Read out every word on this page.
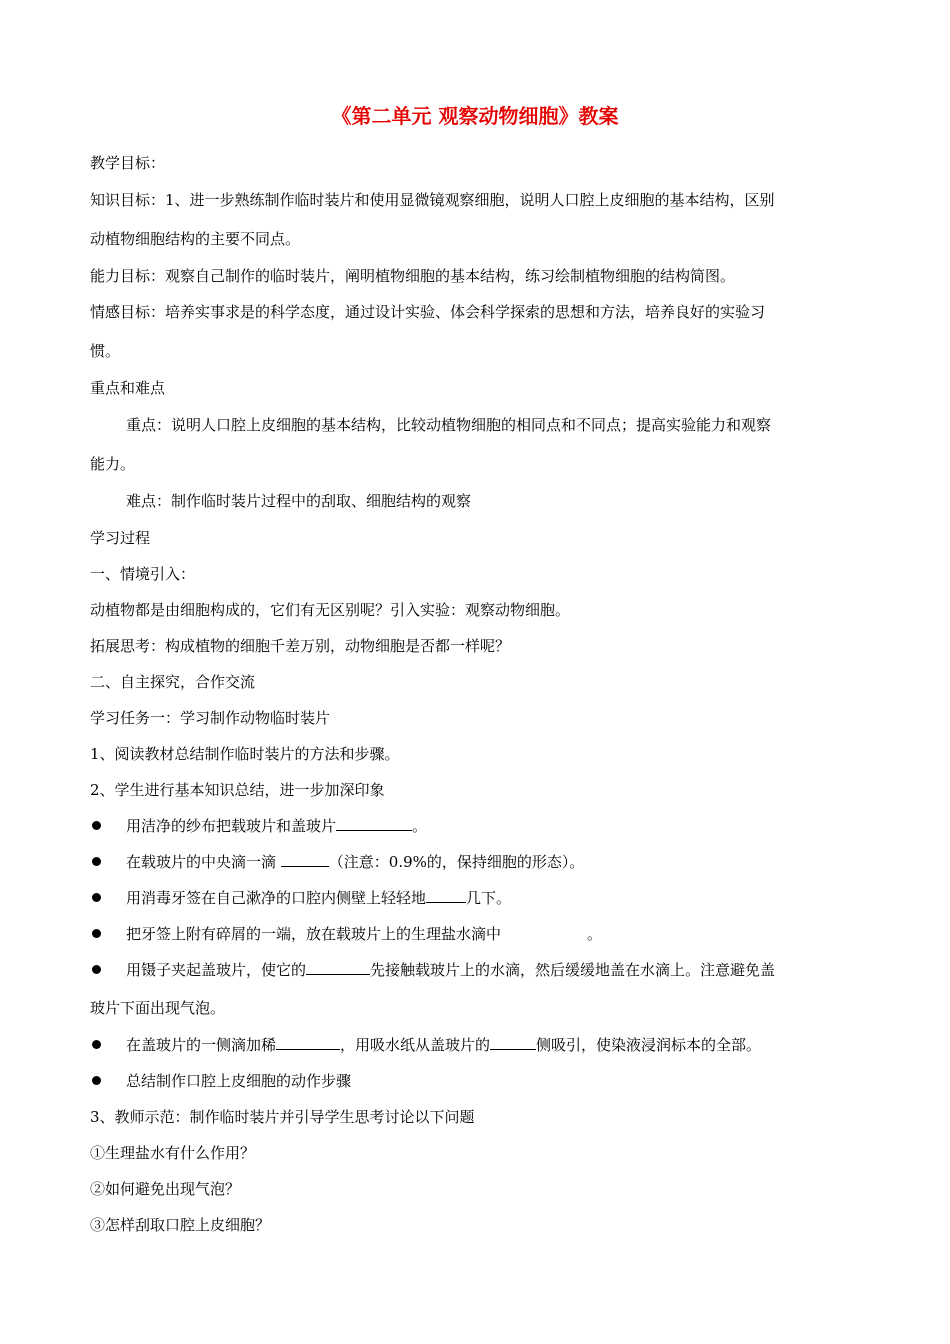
《第二单元 观察动物细胞》教案
教学目标：
知识目标：1、进一步熟练制作临时装片和使用显微镜观察细胞，说明人口腔上皮细胞的基本结构，区别
动植物细胞结构的主要不同点。
能力目标：观察自己制作的临时装片，阐明植物细胞的基本结构，练习绘制植物细胞的结构简图。
情感目标：培养实事求是的科学态度，通过设计实验、体会科学探索的思想和方法，培养良好的实验习
惯。
重点和难点
重点：说明人口腔上皮细胞的基本结构，比较动植物细胞的相同点和不同点；提高实验能力和观察
能力。
难点：制作临时装片过程中的刮取、细胞结构的观察
学习过程
一、情境引入：
动植物都是由细胞构成的，它们有无区别呢？引入实验：观察动物细胞。
拓展思考：构成植物的细胞千差万别，动物细胞是否都一样呢？
二、自主探究，合作交流
学习任务一：学习制作动物临时装片
1、阅读教材总结制作临时装片的方法和步骤。
2、学生进行基本知识总结，进一步加深印象
用洁净的纱布把载玻片和盖玻片	。
在载玻片的中央滴一滴	（注意：0.9%的，保持细胞的形态）。
用消毒牙签在自己漱净的口腔内侧壁上轻轻地	几下。
把牙签上附有碎屑的一端，放在载玻片上的生理盐水滴中	。
用镊子夹起盖玻片，使它的	先接触载玻片上的水滴，然后缓缓地盖在水滴上。注意避免盖
玻片下面出现气泡。
在盖玻片的一侧滴加稀	，用吸水纸从盖玻片的	侧吸引，使染液浸润标本的全部。
总结制作口腔上皮细胞的动作步骤
3、教师示范：制作临时装片并引导学生思考讨论以下问题
①生理盐水有什么作用？
②如何避免出现气泡？
③怎样刮取口腔上皮细胞？
